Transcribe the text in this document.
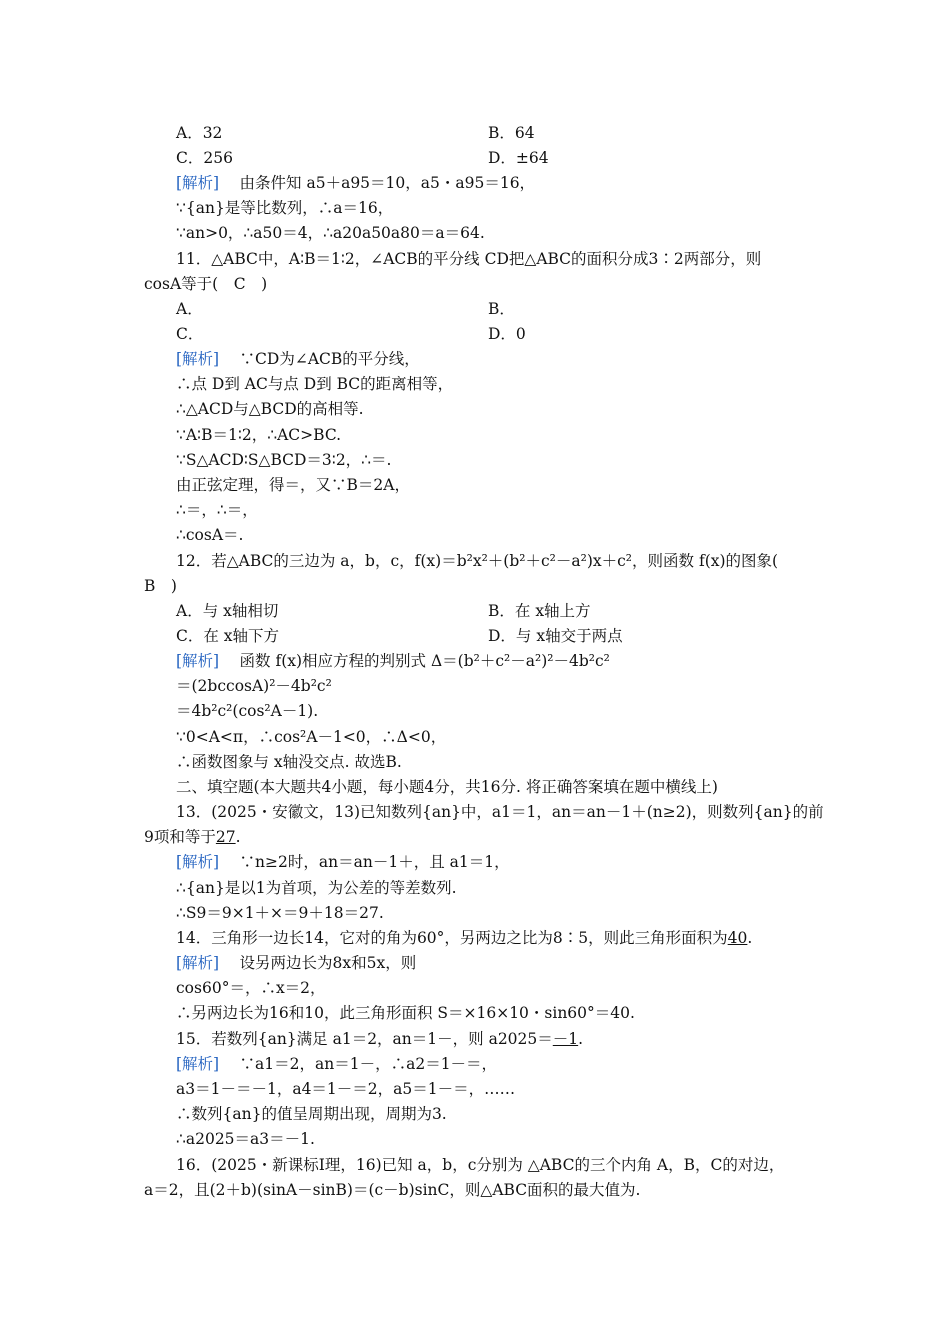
A．32	B．64
C．256	D．±64
[解析]　 由条件知 a5＋a95＝10，a5・a95＝16，
∵{an}是等比数列，∴a＝16，
∵an>0，∴a50＝4，∴a20a50a80＝a＝64.
11．△ABC中，A∶B＝1∶2，∠ACB的平分线 CD把△ABC的面积分成3∶2两部分，则
cosA等于(　C　)
A．	B．
C．	D．0
[解析]　 ∵CD为∠ACB的平分线，
∴点 D到 AC与点 D到 BC的距离相等，
∴△ACD与△BCD的高相等.
∵A∶B＝1∶2，∴AC>BC.
∵S△ACD∶S△BCD＝3∶2，∴＝.
由正弦定理，得＝，又∵B＝2A，
∴＝，∴＝，
∴cosA＝.
12．若△ABC的三边为 a，b，c，f(x)＝b²x²＋(b²＋c²－a²)x＋c²，则函数 f(x)的图象(
B　)
A．与 x轴相切	B．在 x轴上方
C．在 x轴下方	D．与 x轴交于两点
[解析]　 函数 f(x)相应方程的判别式 Δ＝(b²＋c²－a²)²－4b²c²
＝(2bccosA)²－4b²c²
＝4b²c²(cos²A－1).
∵0<A<π，∴cos²A－1<0，∴Δ<0，
∴函数图象与 x轴没交点. 故选B.
二、填空题(本大题共4小题，每小题4分，共16分. 将正确答案填在题中横线上)
13．(2025・安徽文，13)已知数列{an}中，a1＝1，an＝an－1＋(n≥2)，则数列{an}的前
9项和等于27.
[解析]　 ∵n≥2时，an＝an－1＋，且 a1＝1，
∴{an}是以1为首项，为公差的等差数列.
∴S9＝9×1＋×＝9＋18＝27.
14．三角形一边长14，它对的角为60°，另两边之比为8∶5，则此三角形面积为40.
[解析]　 设另两边长为8x和5x，则
cos60°＝，∴x＝2，
∴另两边长为16和10，此三角形面积 S＝×16×10・sin60°＝40.
15．若数列{an}满足 a1＝2，an＝1－，则 a2025＝－1.
[解析]　 ∵a1＝2，an＝1－，∴a2＝1－＝，
a3＝1－＝－1，a4＝1－＝2，a5＝1－＝，……
∴数列{an}的值呈周期出现，周期为3.
∴a2025＝a3＝－1.
16．(2025・新课标Ⅰ理，16)已知 a，b，c分别为 △ABC的三个内角 A，B，C的对边，
a＝2，且(2＋b)(sinA－sinB)＝(c－b)sinC，则△ABC面积的最大值为.
